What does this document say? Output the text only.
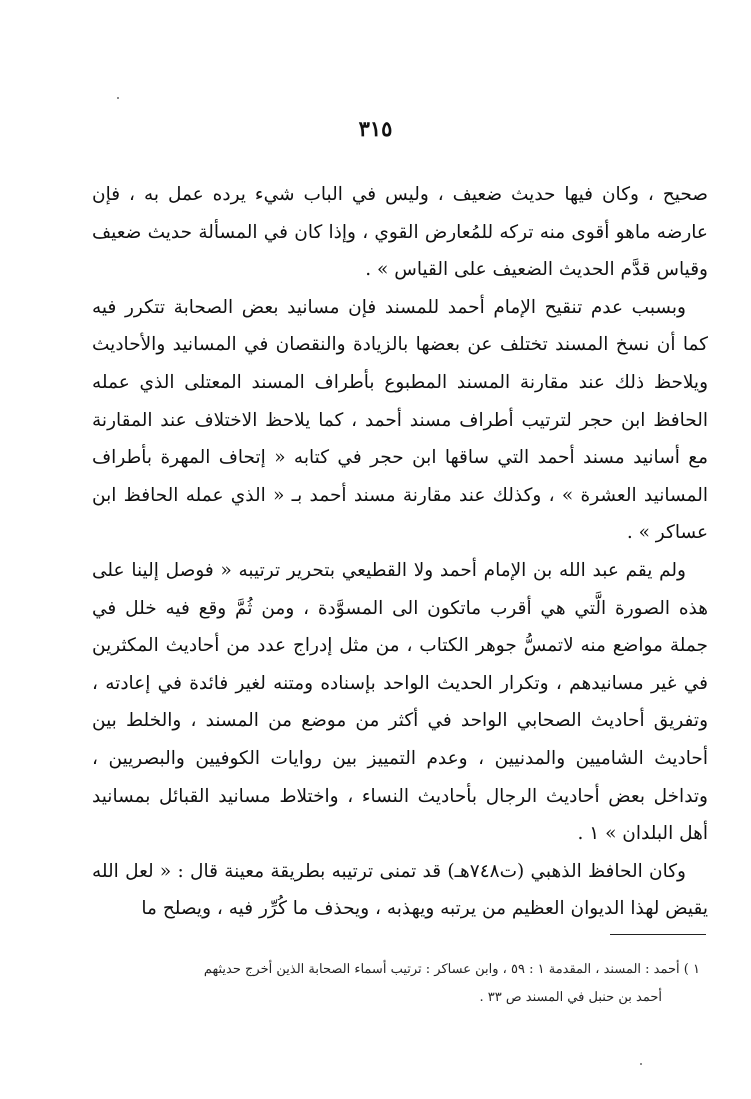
٣١٥

صحيح ، وكان فيها حديث ضعيف ، وليس في الباب شيء يرده عمل به ، فإن عارضه ماهو أقوى منه تركه للمُعارض القوي ، وإذا كان في المسألة حديث ضعيف وقياس قدَّم الحديث الضعيف على القياس » .

وبسبب عدم تنقيح الإمام أحمد للمسند فإن مسانيد بعض الصحابة تتكرر فيه كما أن نسخ المسند تختلف عن بعضها بالزيادة والنقصان في المسانيد والأحاديث ويلاحظ ذلك عند مقارنة المسند المطبوع بأطراف المسند المعتلى الذي عمله الحافظ ابن حجر لترتيب أطراف مسند أحمد ، كما يلاحظ الاختلاف عند المقارنة مع أسانيد مسند أحمد التي ساقها ابن حجر في كتابه « إتحاف المهرة بأطراف المسانيد العشرة » ، وكذلك عند مقارنة مسند أحمد بـ « الذي عمله الحافظ ابن عساكر » .

ولم يقم عبد الله بن الإمام أحمد ولا القطيعي بتحرير ترتيبه « فوصل إلينا على هذه الصورة الَّتي هي أقرب ماتكون الى المسوَّدة ، ومن ثُمَّ وقع فيه خلل في جملة مواضع منه لاتمسُّ جوهر الكتاب ، من مثل إدراج عدد من أحاديث المكثرين في غير مسانيدهم ، وتكرار الحديث الواحد بإسناده ومتنه لغير فائدة في إعادته ، وتفريق أحاديث الصحابي الواحد في أكثر من موضع من المسند ، والخلط بين أحاديث الشاميين والمدنيين ، وعدم التمييز بين روايات الكوفيين والبصريين ، وتداخل بعض أحاديث الرجال بأحاديث النساء ، واختلاط مسانيد القبائل بمسانيد أهل البلدان » ١ .

وكان الحافظ الذهبي (ت٧٤٨هـ) قد تمنى ترتيبه بطريقة معينة قال : « لعل الله يقيض لهذا الديوان العظيم من يرتبه ويهذبه ، ويحذف ما كُرِّر فيه ، ويصلح ما

١ ) أحمد : المسند ، المقدمة ١ : ٥٩ ، وابن عساكر : ترتيب أسماء الصحابة الذين أخرج حديثهم

أحمد بن حنبل في المسند ص ٣٣ .
